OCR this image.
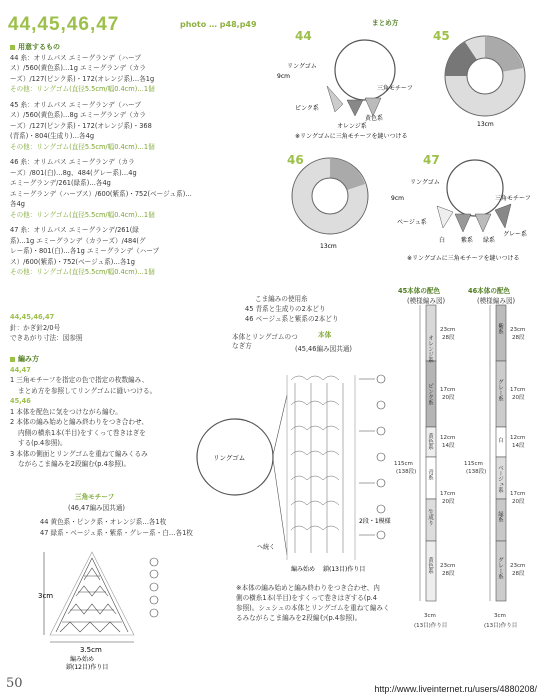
44,45,46,47	photo … p48,p49
用意するもの
44 糸：オリムパス エミーグランデ（ハーブ
ス）/560(黄色系)…1g エミーグランデ（カラ
ーズ）/127(ピンク系)・172(オレンジ系)…各1g
その他：リングゴム(直径5.5cm/幅0.4cm)…1個
45 糸：オリムパス エミーグランデ（ハーブ
ス）/560(黄色系)…8g エミーグランデ（カラ
ーズ）/127(ピンク系)・172(オレンジ系)・368
(青系)・804(生成り)…各4g
その他：リングゴム(直径5.5cm/幅0.4cm)…1個
46 糸：オリムパス エミーグランデ（カラ
ーズ）/801(白)…8g、484(グレー系)…4g
エミーグランデ/261(緑系)…各4g
エミーグランデ（ハーブス）/600(紫系)・752(ベージュ系)…
各4g
その他：リングゴム(直径5.5cm/幅0.4cm)…1個
47 糸：オリムパス エミーグランデ/261(緑
系)…1g エミーグランデ（カラーズ）/484(グ
レー系)・801(白)…各1g エミーグランデ（ハーブ
ス）/600(紫系)・752(ベージュ系)…各1g
その他：リングゴム(直径5.5cm/幅0.4cm)…1個
44,45,46,47
針：かぎ針2/0号
できあがり寸法：図参照
編み方
44,47
1 三角モチーフを指定の色で指定の枚数編み、
まとめ方を参照してリングゴムに縫いつける。
45,46
1 本体を配色に気をつけながら編む。
2 本体の編み始めと編み終わりをつき合わせ、
内側の横糸1本(半目)をすくって巻きはぎを
する(p.4参照)。
3 本体の側面とリングゴムを重ねて編みくるみ
ながらこま編みを2段編む(p.4参照)。
三角モチーフ
(46,47編み図共通)
44 黄色系・ピンク系・オレンジ系…各1枚
47 緑系・ベージュ系・紫系・グレー系・白…各1枚
3cm
3.5cm
編み始め
鎖(12目)作り目
こま編みの使用糸
45 青系と生成りの2本どり
46 ベージュ系と紫系の2本どり
本体とリングゴムのつなぎ方
本体
(45,46編み図共通)
リングゴム
2段・1模様
へ続く
編み始め 鎖(13目)作り目
※本体の編み始めと編み終わりをつき合わせ、内
側の横糸1本(半目)をすくって巻きはぎする(p.4
参照)。シュシュの本体とリングゴムを重ねて編みく
るみながらこま編みを2段編む(p.4参照)。
まとめ方
44
リングゴム
9cm
三角モチーフ
ピンク系
オレンジ系
黄色系
※リングゴムに三角モチーフを縫いつける
45
13cm
46
13cm
47
リングゴム
9cm	三角モチーフ
ベージュ系
白	紫系 緑系
グレー系
※リングゴムに三角モチーフを縫いつける
45本体の配色
(模様編み図)
46本体の配色
(模様編み図)
オレンジ系
ピンク系
黄色系
青系
生成り
黄色系
紫系
グレー系
白
ベージュ系
緑系
グレー系
23cm
28段
17cm
20段
12cm
14段
17cm
20段
23cm
28段
23cm
28段
17cm
20段
12cm
14段
17cm
20段
23cm
28段
115cm
(138段)
115cm
(138段)
3cm
(13目)作り目
3cm
(13目)作り目
50	http://www.liveinternet.ru/users/4880208/
